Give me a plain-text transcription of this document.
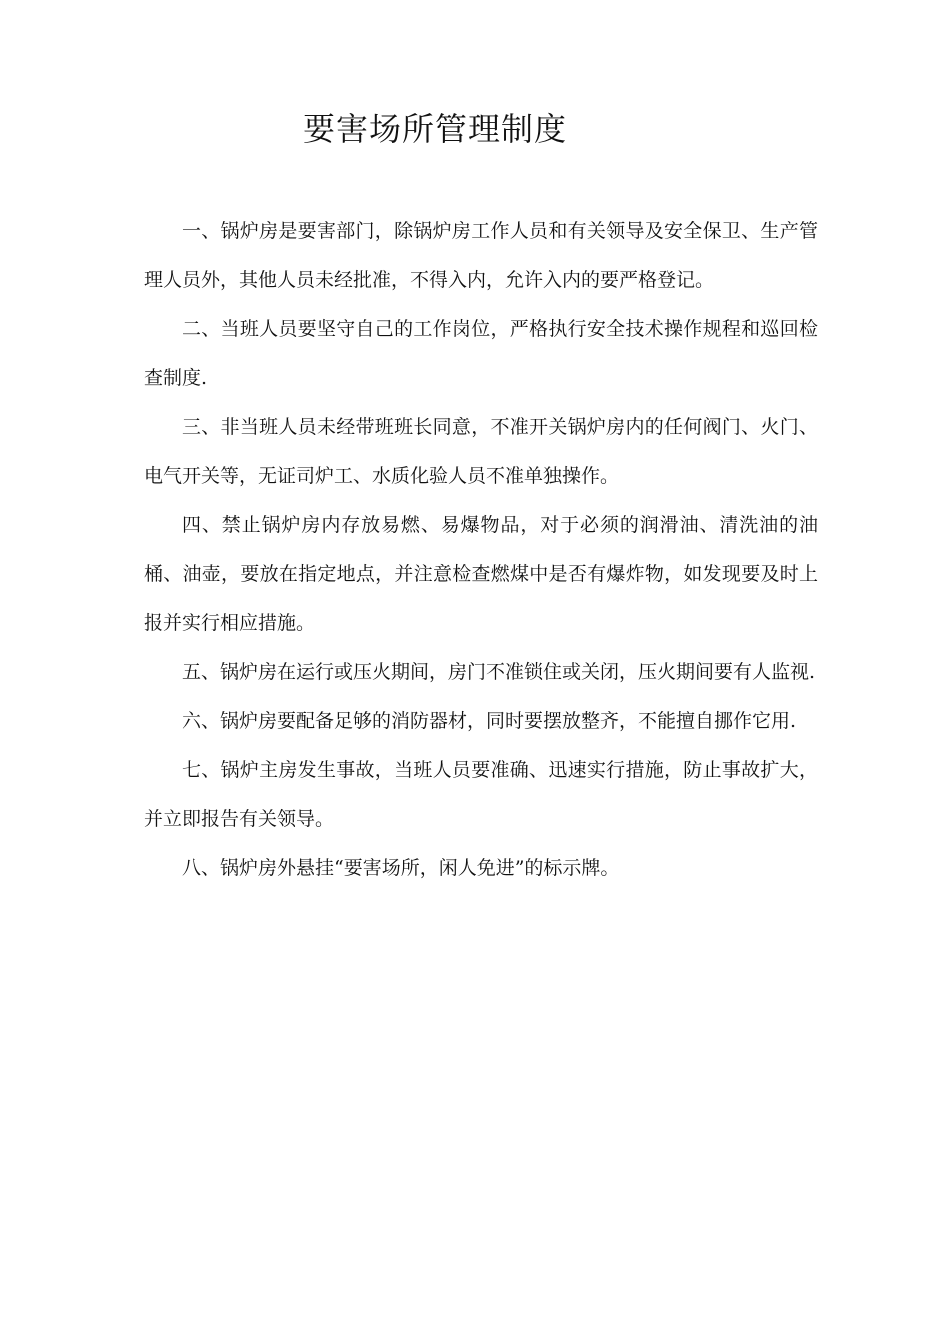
要害场所管理制度

一、锅炉房是要害部门，除锅炉房工作人员和有关领导及安全保卫、生产管理人员外，其他人员未经批准，不得入内，允许入内的要严格登记。

二、当班人员要坚守自己的工作岗位，严格执行安全技术操作规程和巡回检查制度.

三、非当班人员未经带班班长同意，不准开关锅炉房内的任何阀门、火门、电气开关等，无证司炉工、水质化验人员不准单独操作。

四、禁止锅炉房内存放易燃、易爆物品，对于必须的润滑油、清洗油的油桶、油壶，要放在指定地点，并注意检查燃煤中是否有爆炸物，如发现要及时上报并实行相应措施。

五、锅炉房在运行或压火期间，房门不准锁住或关闭，压火期间要有人监视.

六、锅炉房要配备足够的消防器材，同时要摆放整齐，不能擅自挪作它用.

七、锅炉主房发生事故，当班人员要准确、迅速实行措施，防止事故扩大，并立即报告有关领导。

八、锅炉房外悬挂“要害场所，闲人免进”的标示牌。
